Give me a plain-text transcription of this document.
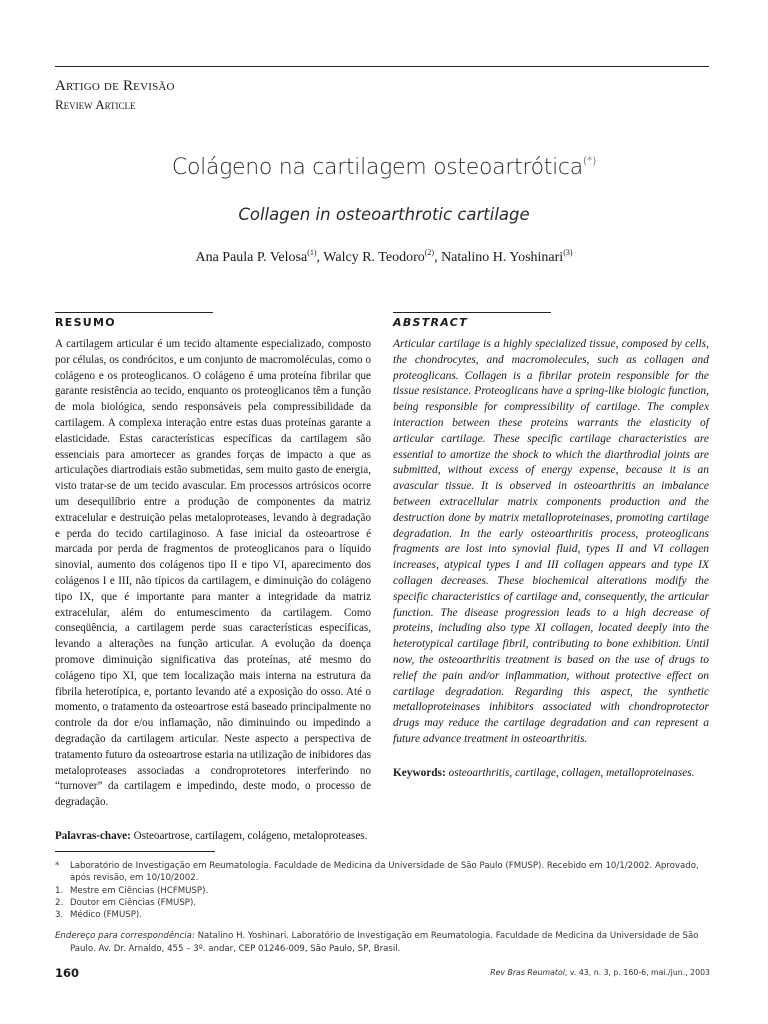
Artigo de Revisão
Review Article
Colágeno na cartilagem osteoartrótica(*)
Collagen in osteoarthrotic cartilage
Ana Paula P. Velosa$^{(1)}$, Walcy R. Teodoro$^{(2)}$, Natalino H. Yoshinari$^{(3)}$
RESUMO
A cartilagem articular é um tecido altamente especializado, composto por células, os condrócitos, e um conjunto de macromoléculas, como o colágeno e os proteoglicanos. O colágeno é uma proteína fibrilar que garante resistência ao tecido, enquanto os proteoglicanos têm a função de mola biológica, sendo responsáveis pela compressibilidade da cartilagem. A complexa interação entre estas duas proteínas garante a elasticidade. Estas características específicas da cartilagem são essenciais para amortecer as grandes forças de impacto a que as articulações diartrodiais estão submetidas, sem muito gasto de energia, visto tratar-se de um tecido avascular. Em processos artrósicos ocorre um desequilíbrio entre a produção de componentes da matriz extracelular e destruição pelas metaloproteases, levando à degradação e perda do tecido cartilaginoso. A fase inicial da osteoartrose é marcada por perda de fragmentos de proteoglicanos para o líquido sinovial, aumento dos colágenos tipo II e tipo VI, aparecimento dos colágenos I e III, não típicos da cartilagem, e diminuição do colágeno tipo IX, que é importante para manter a integridade da matriz extracelular, além do entumescimento da cartilagem. Como conseqüência, a cartilagem perde suas características específicas, levando a alterações na função articular. A evolução da doença promove diminuição significativa das proteínas, até mesmo do colágeno tipo XI, que tem localização mais interna na estrutura da fibrila heterotípica, e, portanto levando até a exposição do osso. Até o momento, o tratamento da osteoartrose está baseado principalmente no controle da dor e/ou inflamação, não diminuindo ou impedindo a degradação da cartilagem articular. Neste aspecto a perspectiva de tratamento futuro da osteoartrose estaria na utilização de inibidores das metaloproteases associadas a condroprotetores interferindo no “turnover” da cartilagem e impedindo, deste modo, o processo de degradação.
Palavras-chave: Osteoartrose, cartilagem, colágeno, metaloproteases.
ABSTRACT
Articular cartilage is a highly specialized tissue, composed by cells, the chondrocytes, and macromolecules, such as collagen and proteoglicans. Collagen is a fibrilar protein responsible for the tissue resistance. Proteoglicans have a spring-like biologic function, being responsible for compressibility of cartilage. The complex interaction between these proteins warrants the elasticity of articular cartilage. These specific cartilage characteristics are essential to amortize the shock to which the diarthrodial joints are submitted, without excess of energy expense, because it is an avascular tissue. It is observed in osteoarthritis an imbalance between extracellular matrix components production and the destruction done by matrix metalloproteinases, promoting cartilage degradation. In the early osteoarthritis process, proteoglicans fragments are lost into synovial fluid, types II and VI collagen increases, atypical types I and III collagen appears and type IX collagen decreases. These biochemical alterations modify the specific characteristics of cartilage and, consequently, the articular function. The disease progression leads to a high decrease of proteins, including also type XI collagen, located deeply into the heterotypical cartilage fibril, contributing to bone exhibition. Until now, the osteoarthritis treatment is based on the use of drugs to relief the pain and/or inflammation, without protective effect on cartilage degradation. Regarding this aspect, the synthetic metalloproteinases inhibitors associated with chondroprotector drugs may reduce the cartilage degradation and can represent a future advance treatment in osteoarthritis.
Keywords: osteoarthritis, cartilage, collagen, metalloproteinases.
*	Laboratório de Investigação em Reumatologia. Faculdade de Medicina da Universidade de São Paulo (FMUSP). Recebido em 10/1/2002. Aprovado, após revisão, em 10/10/2002.
1. Mestre em Ciências (HCFMUSP).
2. Doutor em Ciências (FMUSP).
3. Médico (FMUSP).
Endereço para correspondência: Natalino H. Yoshinari. Laboratório de Investigação em Reumatologia. Faculdade de Medicina da Universidade de São Paulo. Av. Dr. Arnaldo, 455 – 3º. andar, CEP 01246-009, São Paulo, SP, Brasil.
160	Rev Bras Reumatol, v. 43, n. 3, p. 160-6, mai./jun., 2003
